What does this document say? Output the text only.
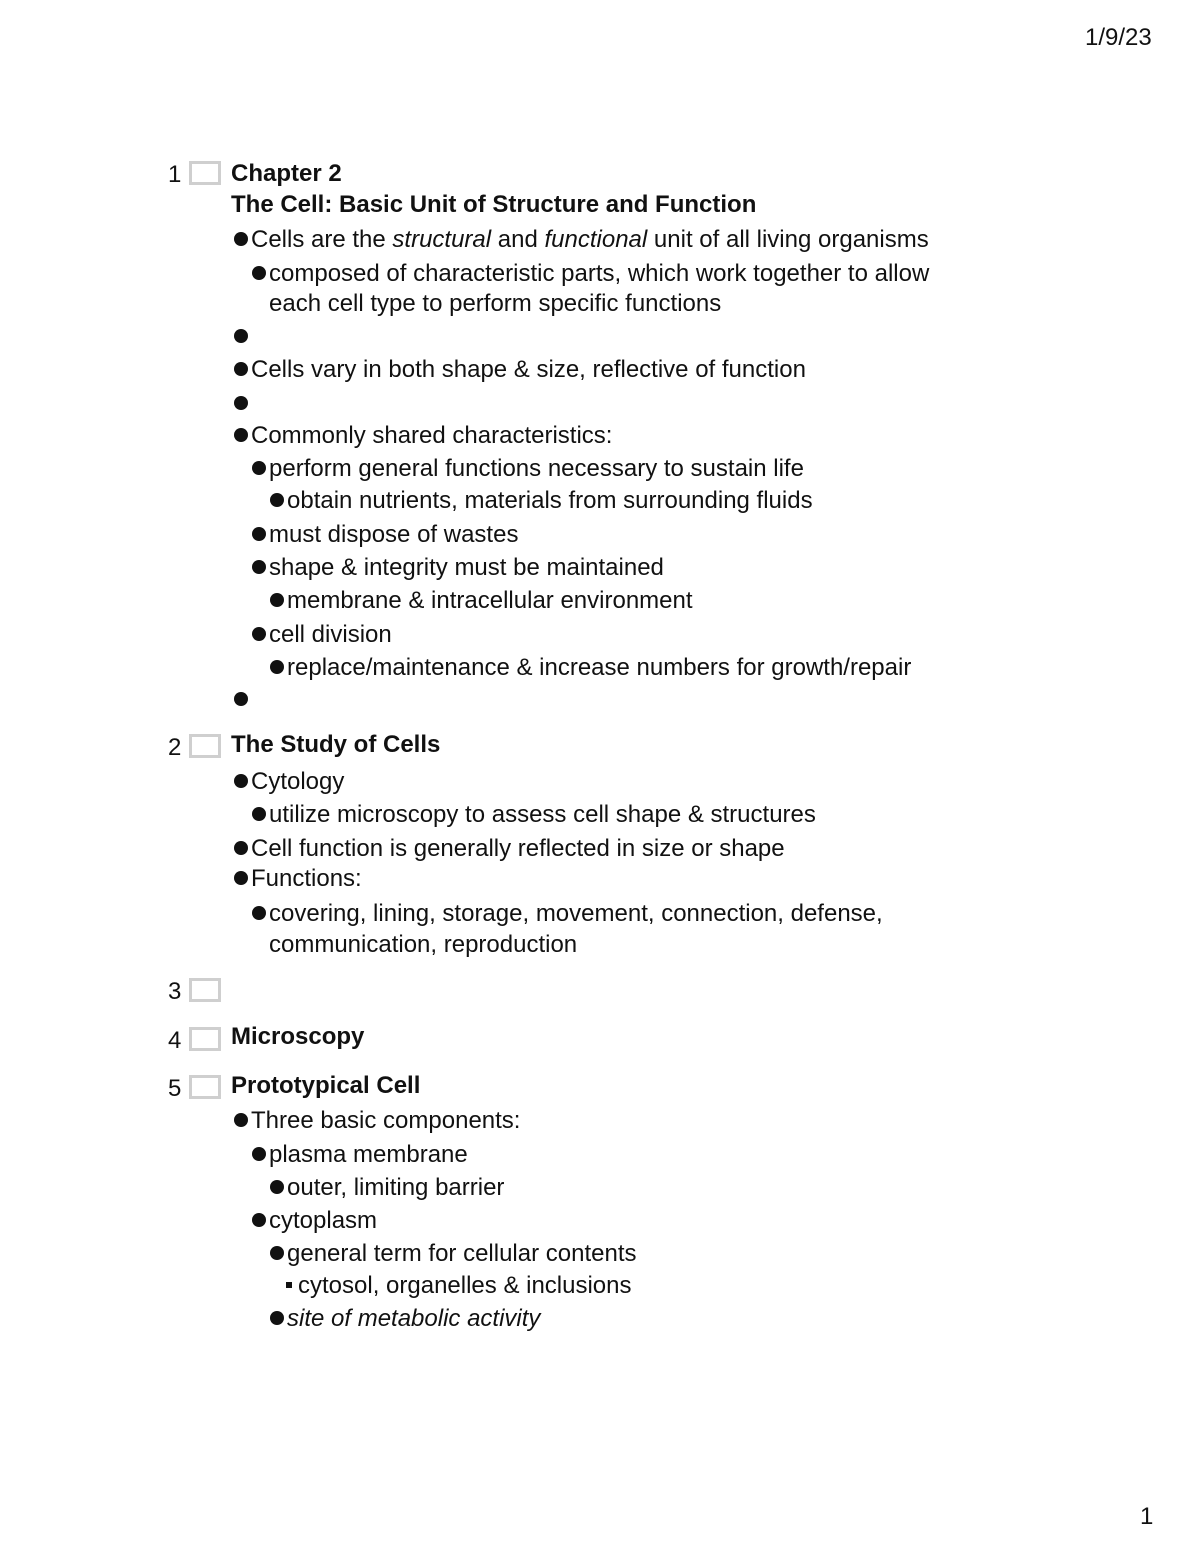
1/9/23
1 Chapter 2
The Cell: Basic Unit of Structure and Function
Cells are the structural and functional unit of all living organisms
composed of characteristic parts, which work together to allow
each cell type to perform specific functions
Cells vary in both shape & size, reflective of function
Commonly shared characteristics:
perform general functions necessary to sustain life
obtain nutrients, materials from surrounding fluids
must dispose of wastes
shape & integrity must be maintained
membrane & intracellular environment
cell division
replace/maintenance & increase numbers for growth/repair
2 The Study of Cells
Cytology
utilize microscopy to assess cell shape & structures
Cell function is generally reflected in size or shape
Functions:
covering, lining, storage, movement, connection, defense,
communication, reproduction
3
4 Microscopy
5 Prototypical Cell
Three basic components:
plasma membrane
outer, limiting barrier
cytoplasm
general term for cellular contents
cytosol, organelles & inclusions
site of metabolic activity
1
